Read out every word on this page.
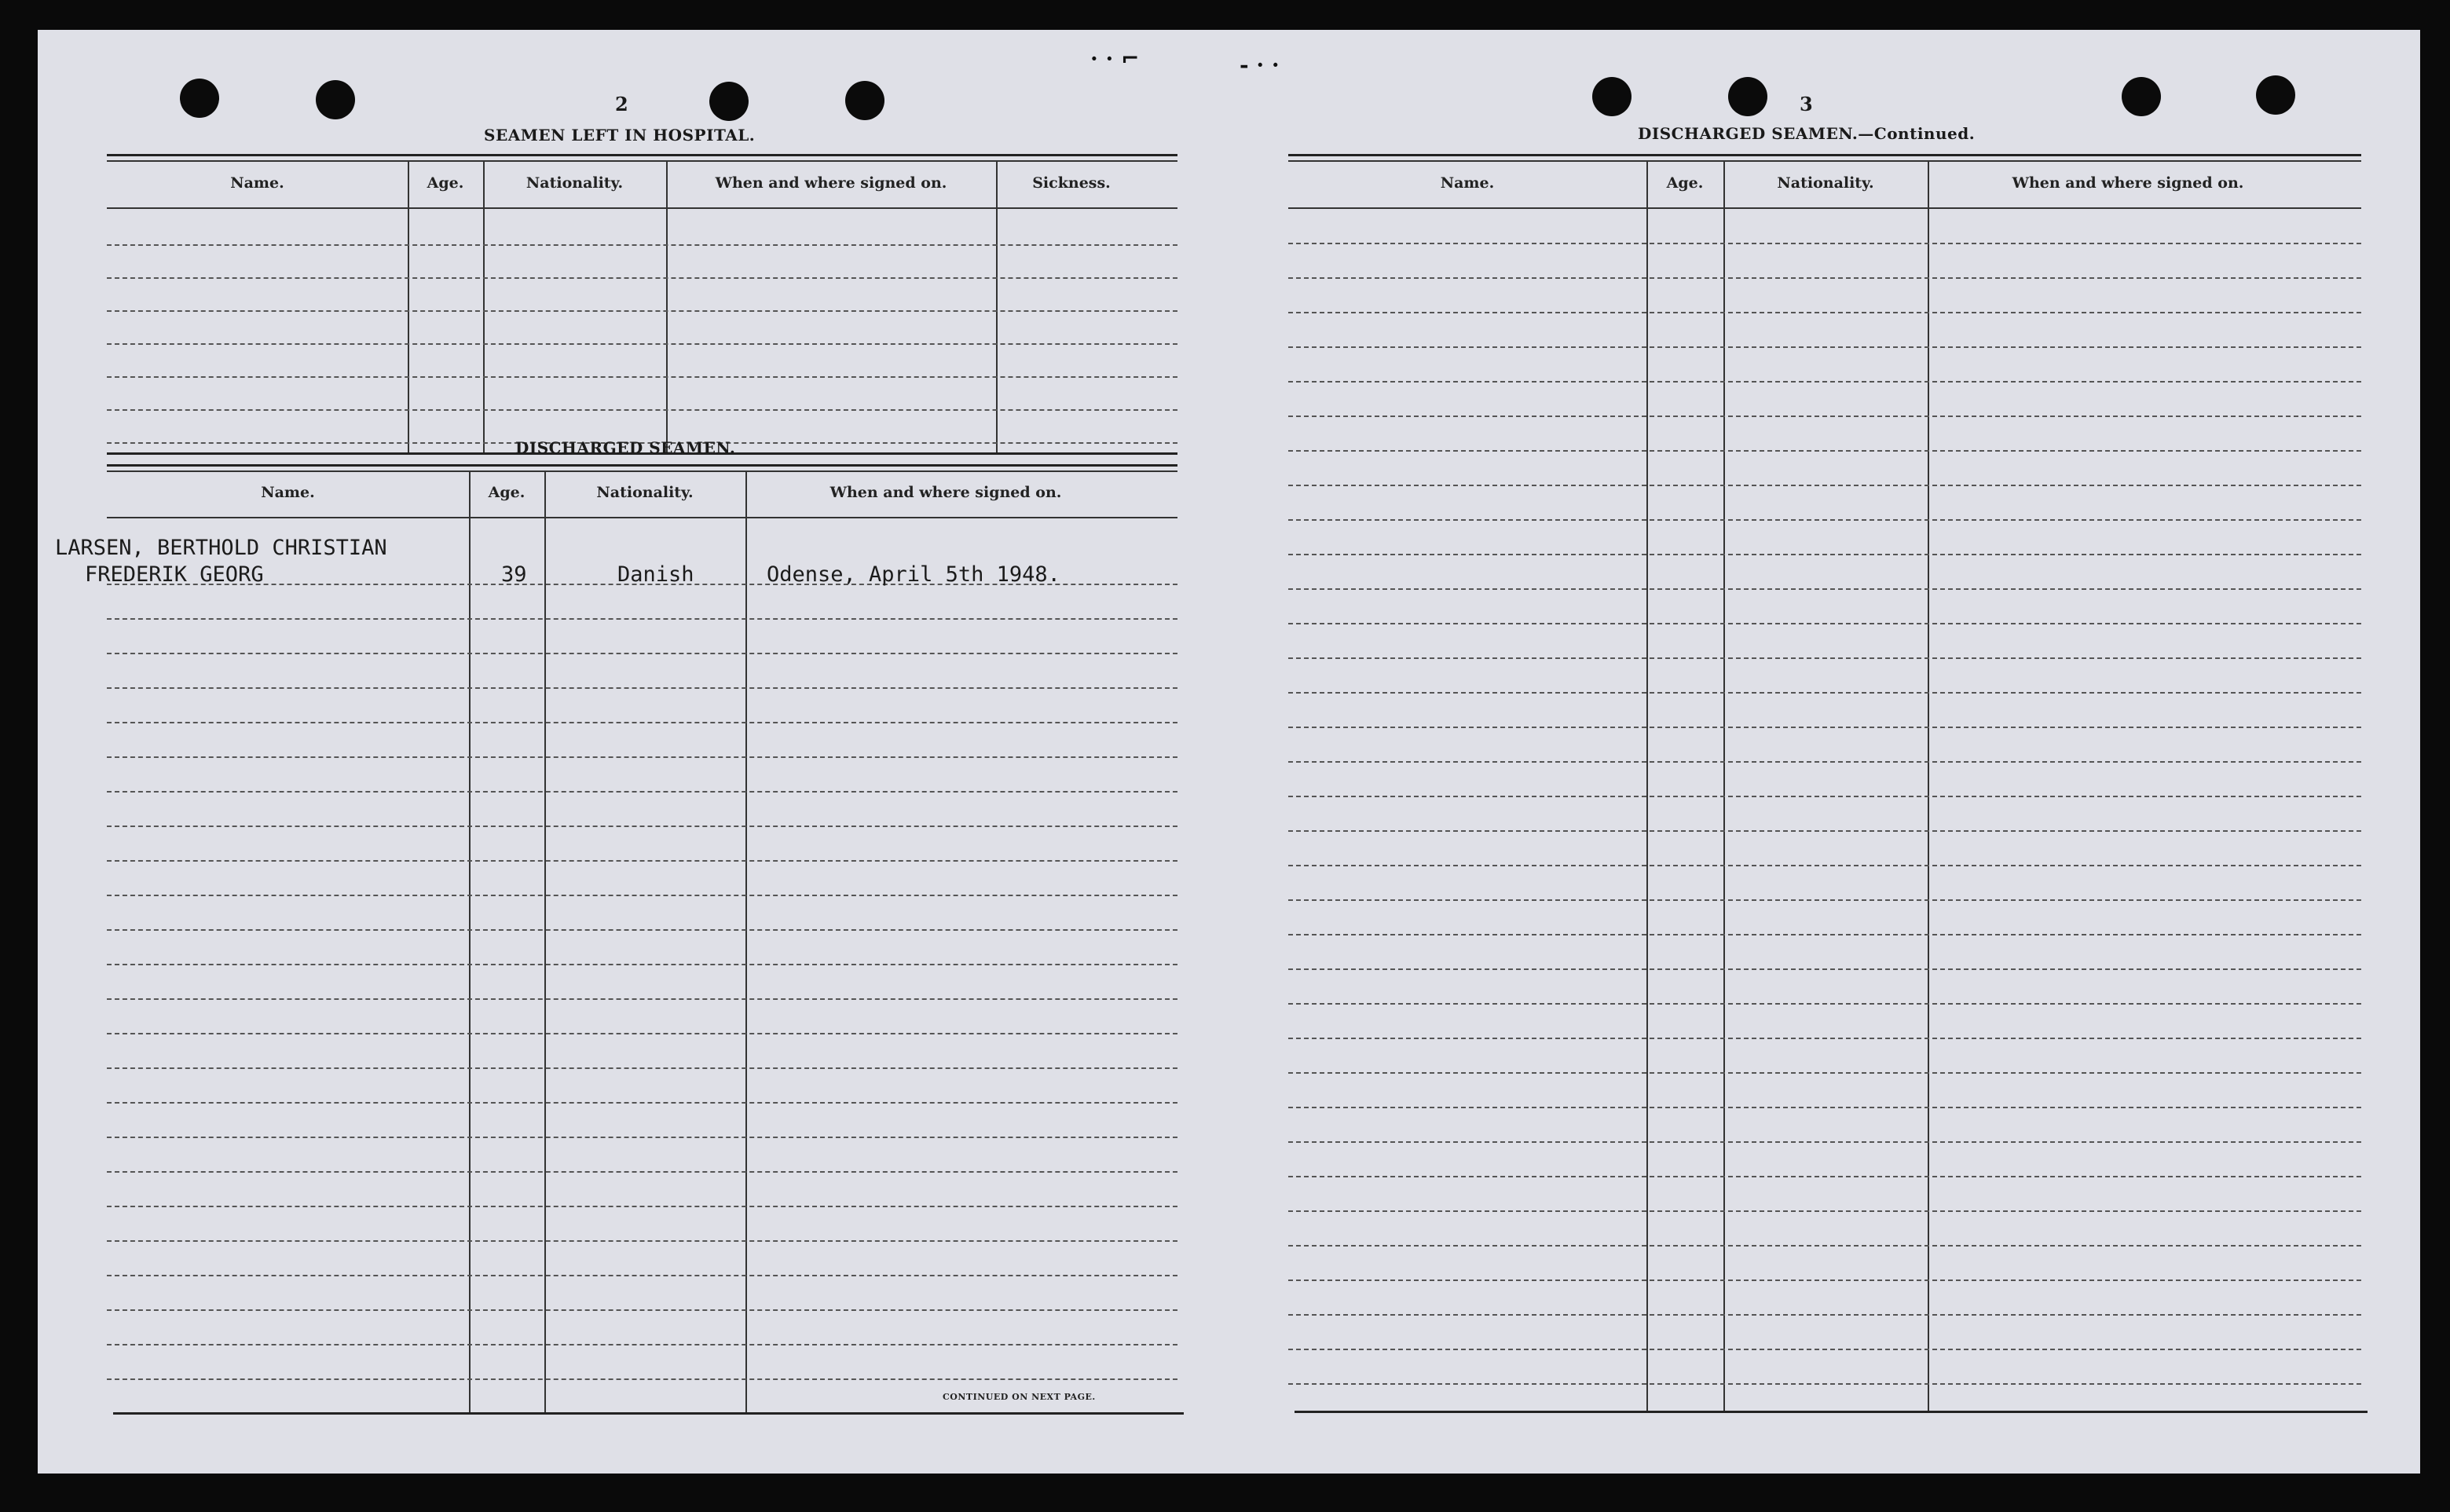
· · ⌐	- · ·
2
SEAMEN LEFT IN HOSPITAL.
Name.	Age.	Nationality.	When and where signed on.	Sickness.
DISCHARGED SEAMEN.
Name.	Age.	Nationality.	When and where signed on.
LARSEN, BERTHOLD CHRISTIAN
FREDERIK GEORG	39	Danish	Odense, April 5th 1948.
CONTINUED ON NEXT PAGE.
3
DISCHARGED SEAMEN.—Continued.
Name.	Age.	Nationality.	When and where signed on.
